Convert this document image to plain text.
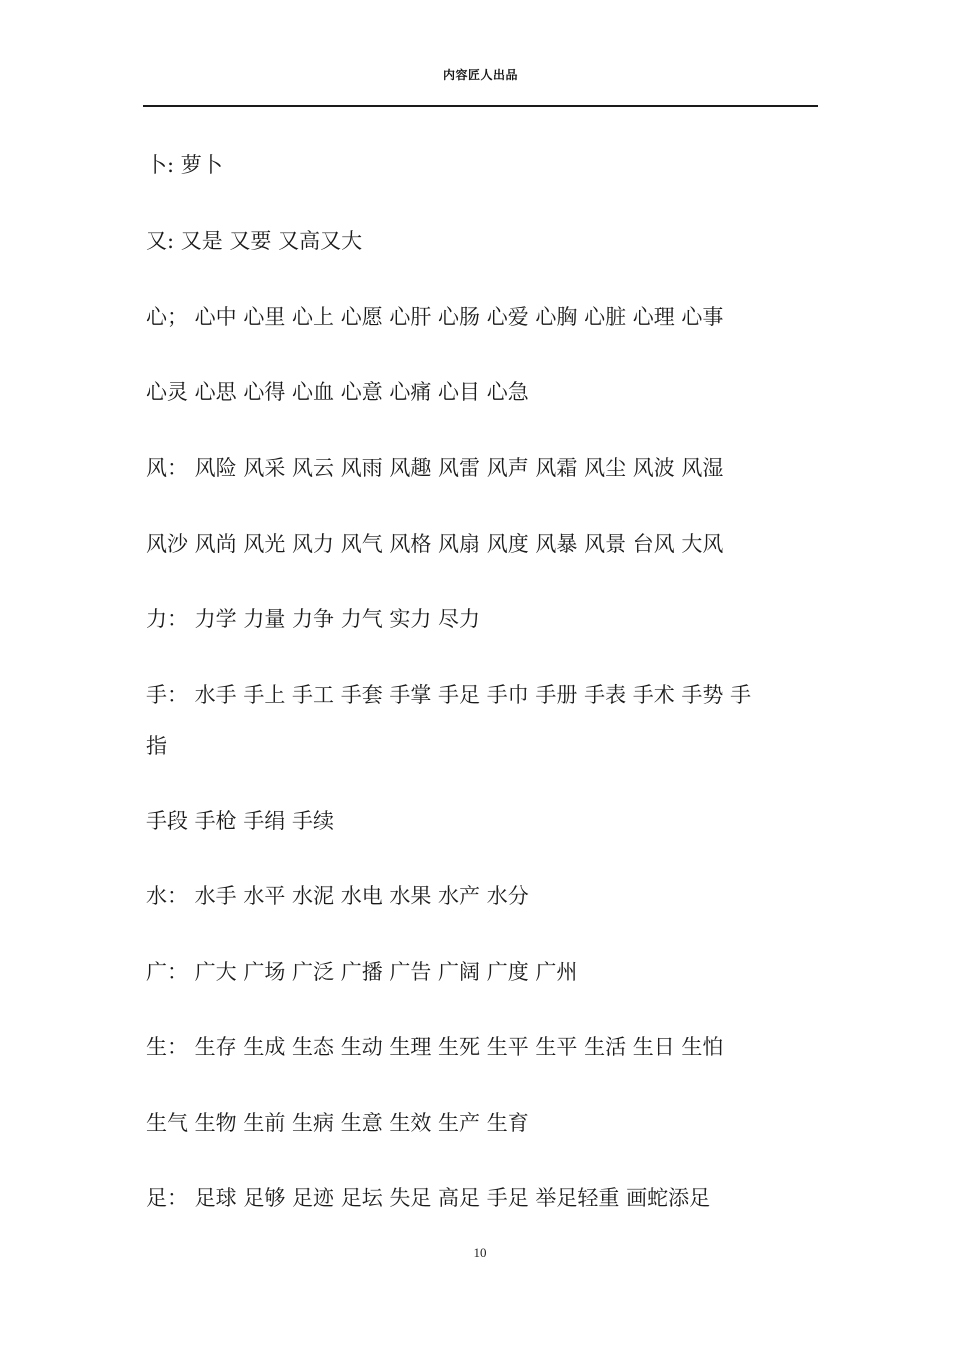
内容匠人出品
卜: 萝卜
又: 又是 又要 又高又大
心； 心中 心里 心上 心愿 心肝 心肠 心爱 心胸 心脏 心理 心事
心灵 心思 心得 心血 心意 心痛 心目 心急
风： 风险 风采 风云 风雨 风趣 风雷 风声 风霜 风尘 风波 风湿
风沙 风尚 风光 风力 风气 风格 风扇 风度 风暴 风景 台风 大风
力： 力学 力量 力争 力气 实力 尽力
手： 水手 手上 手工 手套 手掌 手足 手巾 手册 手表 手术 手势 手
指
手段 手枪 手绢 手续
水： 水手 水平 水泥 水电 水果 水产 水分
广： 广大 广场 广泛 广播 广告 广阔 广度 广州
生： 生存 生成 生态 生动 生理 生死 生平 生平 生活 生日 生怕
生气 生物 生前 生病 生意 生效 生产 生育
足： 足球 足够 足迹 足坛 失足 高足 手足 举足轻重 画蛇添足
10
